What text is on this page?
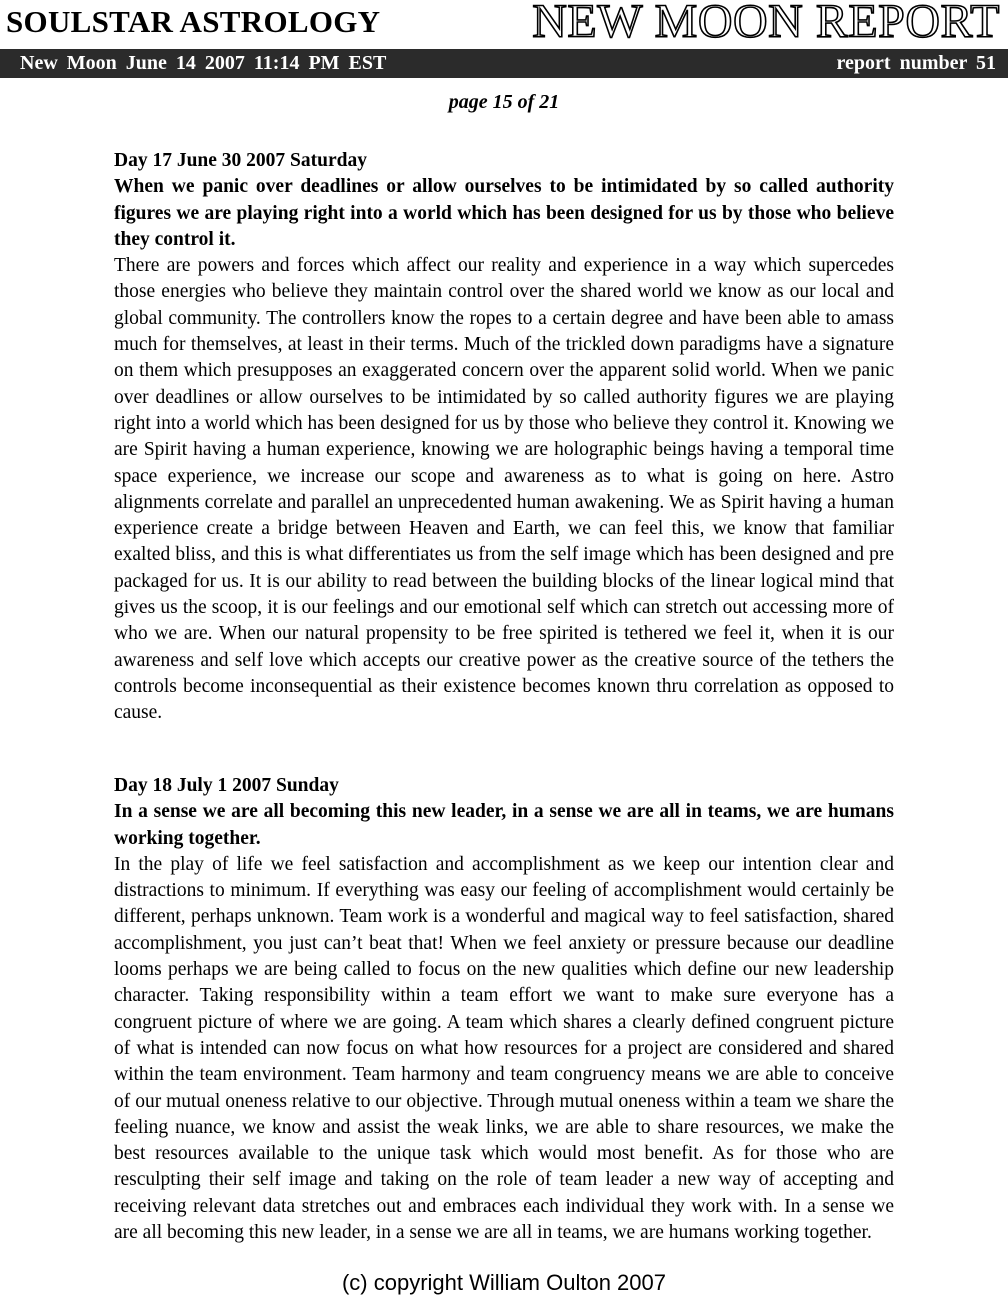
SOULSTAR ASTROLOGY	NEW MOON REPORT
New Moon June 14 2007 11:14 PM EST	report number 51
page 15 of 21
Day 17 June 30 2007 Saturday
When we panic over deadlines or allow ourselves to be intimidated by so called authority figures we are playing right into a world which has been designed for us by those who believe they control it.

There are powers and forces which affect our reality and experience in a way which supercedes those energies who believe they maintain control over the shared world we know as our local and global community. The controllers know the ropes to a certain degree and have been able to amass much for themselves, at least in their terms. Much of the trickled down paradigms have a signature on them which presupposes an exaggerated concern over the apparent solid world. When we panic over deadlines or allow ourselves to be intimidated by so called authority figures we are playing right into a world which has been designed for us by those who believe they control it. Knowing we are Spirit having a human experience, knowing we are holographic beings having a temporal time space experience, we increase our scope and awareness as to what is going on here. Astro alignments correlate and parallel an unprecedented human awakening. We as Spirit having a human experience create a bridge between Heaven and Earth, we can feel this, we know that familiar exalted bliss, and this is what differentiates us from the self image which has been designed and pre packaged for us. It is our ability to read between the building blocks of the linear logical mind that gives us the scoop, it is our feelings and our emotional self which can stretch out accessing more of who we are. When our natural propensity to be free spirited is tethered we feel it, when it is our awareness and self love which accepts our creative power as the creative source of the tethers the controls become inconsequential as their existence becomes known thru correlation as opposed to cause.

Day 18 July 1 2007 Sunday
In a sense we are all becoming this new leader, in a sense we are all in teams, we are humans working together.

In the play of life we feel satisfaction and accomplishment as we keep our intention clear and distractions to minimum. If everything was easy our feeling of accomplishment would certainly be different, perhaps unknown. Team work is a wonderful and magical way to feel satisfaction, shared accomplishment, you just can’t beat that! When we feel anxiety or pressure because our deadline looms perhaps we are being called to focus on the new qualities which define our new leadership character. Taking responsibility within a team effort we want to make sure everyone has a congruent picture of where we are going. A team which shares a clearly defined congruent picture of what is intended can now focus on what how resources for a project are considered and shared within the team environment. Team harmony and team congruency means we are able to conceive of our mutual oneness relative to our objective. Through mutual oneness within a team we share the feeling nuance, we know and assist the weak links, we are able to share resources, we make the best resources available to the unique task which would most benefit. As for those who are resculpting their self image and taking on the role of team leader a new way of accepting and receiving relevant data stretches out and embraces each individual they work with. In a sense we are all becoming this new leader, in a sense we are all in teams, we are humans working together.

(c) copyright William Oulton 2007
